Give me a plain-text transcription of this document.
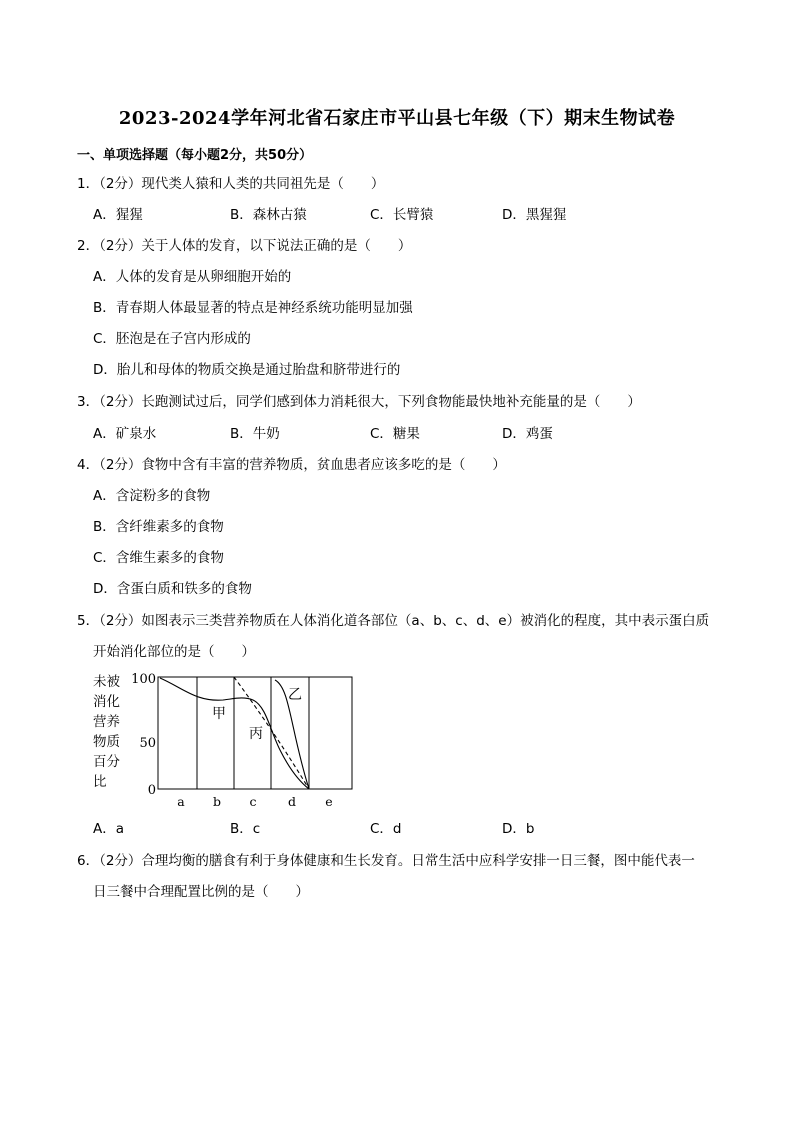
2023-2024学年河北省石家庄市平山县七年级（下）期末生物试卷
一、单项选择题（每小题2分，共50分）
1．（2分）现代类人猿和人类的共同祖先是（　　）
A．猩猩	B．森林古猿	C．长臂猿	D．黑猩猩
2．（2分）关于人体的发育，以下说法正确的是（　　）
A．人体的发育是从卵细胞开始的
B．青春期人体最显著的特点是神经系统功能明显加强
C．胚泡是在子宫内形成的
D．胎儿和母体的物质交换是通过胎盘和脐带进行的
3．（2分）长跑测试过后，同学们感到体力消耗很大，下列食物能最快地补充能量的是（　　）
A．矿泉水	B．牛奶	C．糖果	D．鸡蛋
4．（2分）食物中含有丰富的营养物质，贫血患者应该多吃的是（　　）
A．含淀粉多的食物
B．含纤维素多的食物
C．含维生素多的食物
D．含蛋白质和铁多的食物
5．（2分）如图表示三类营养物质在人体消化道各部位（a、b、c、d、e）被消化的程度，其中表示蛋白质
开始消化部位的是（　　）
未被
消化
营养
物质
百分
比
100
50
0
a b c	d e
甲
乙
丙
A．a	B．c	C．d	D．b
6．（2分）合理均衡的膳食有利于身体健康和生长发育。日常生活中应科学安排一日三餐，图中能代表一
日三餐中合理配置比例的是（　　）
